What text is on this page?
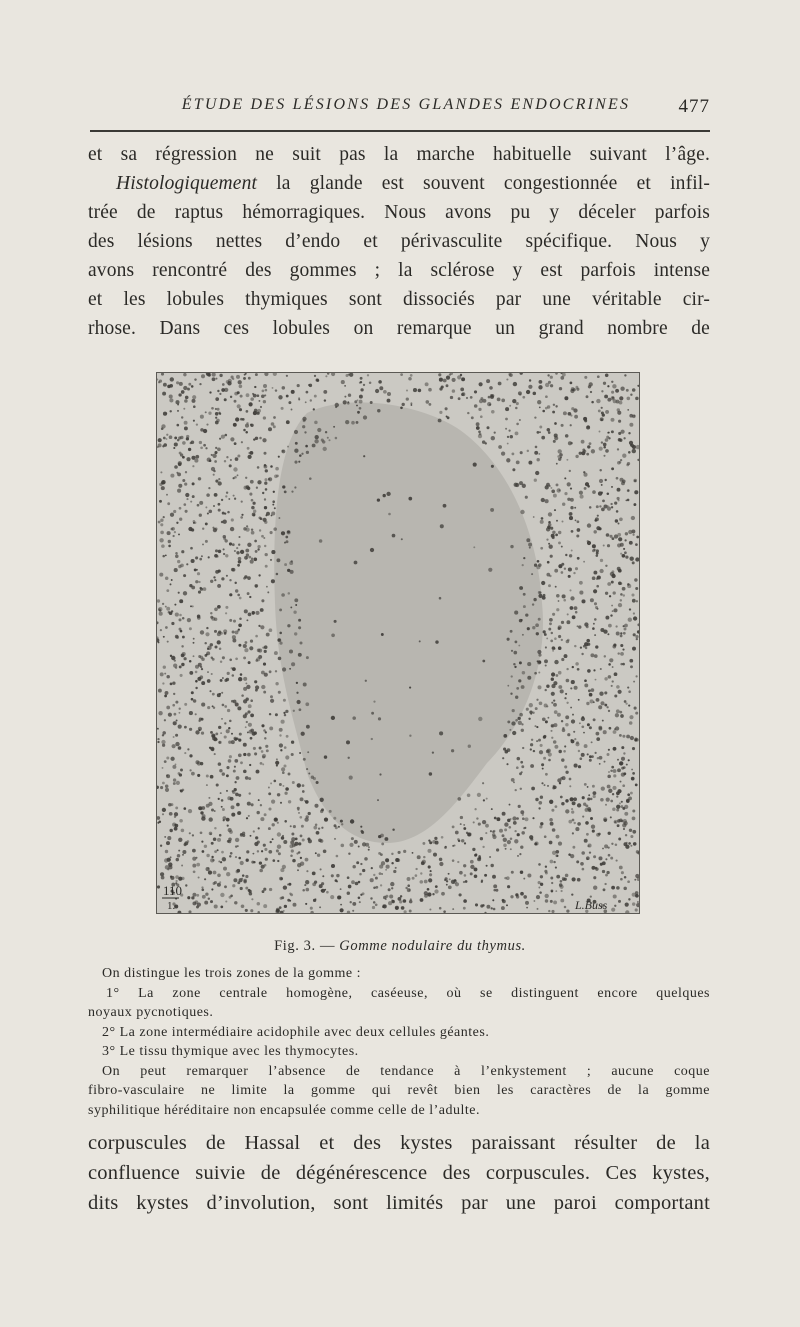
ÉTUDE DES LÉSIONS DES GLANDES ENDOCRINES	477
et sa régression ne suit pas la marche habituelle suivant l’âge.
Histologiquement la glande est souvent congestionnée et infil-
trée de raptus hémorragiques. Nous avons pu y déceler parfois
des lésions nettes d’endo et périvasculite spécifique. Nous y
avons rencontré des gommes ; la sclérose y est parfois intense
et les lobules thymiques sont dissociés par une véritable cir-
rhose. Dans ces lobules on remarque un grand nombre de
110
1.	L.Buss
Fig. 3. — Gomme nodulaire du thymus.
On distingue les trois zones de la gomme :
1° La zone centrale homogène, caséeuse, où se distinguent encore quelques
noyaux pycnotiques.
2° La zone intermédiaire acidophile avec deux cellules géantes.
3° Le tissu thymique avec les thymocytes.
On peut remarquer l’absence de tendance à l’enkystement ; aucune coque
fibro-vasculaire ne limite la gomme qui revêt bien les caractères de la gomme
syphilitique héréditaire non encapsulée comme celle de l’adulte.
corpuscules de Hassal et des kystes paraissant résulter de la
confluence suivie de dégénérescence des corpuscules. Ces kystes,
dits kystes d’involution, sont limités par une paroi comportant
